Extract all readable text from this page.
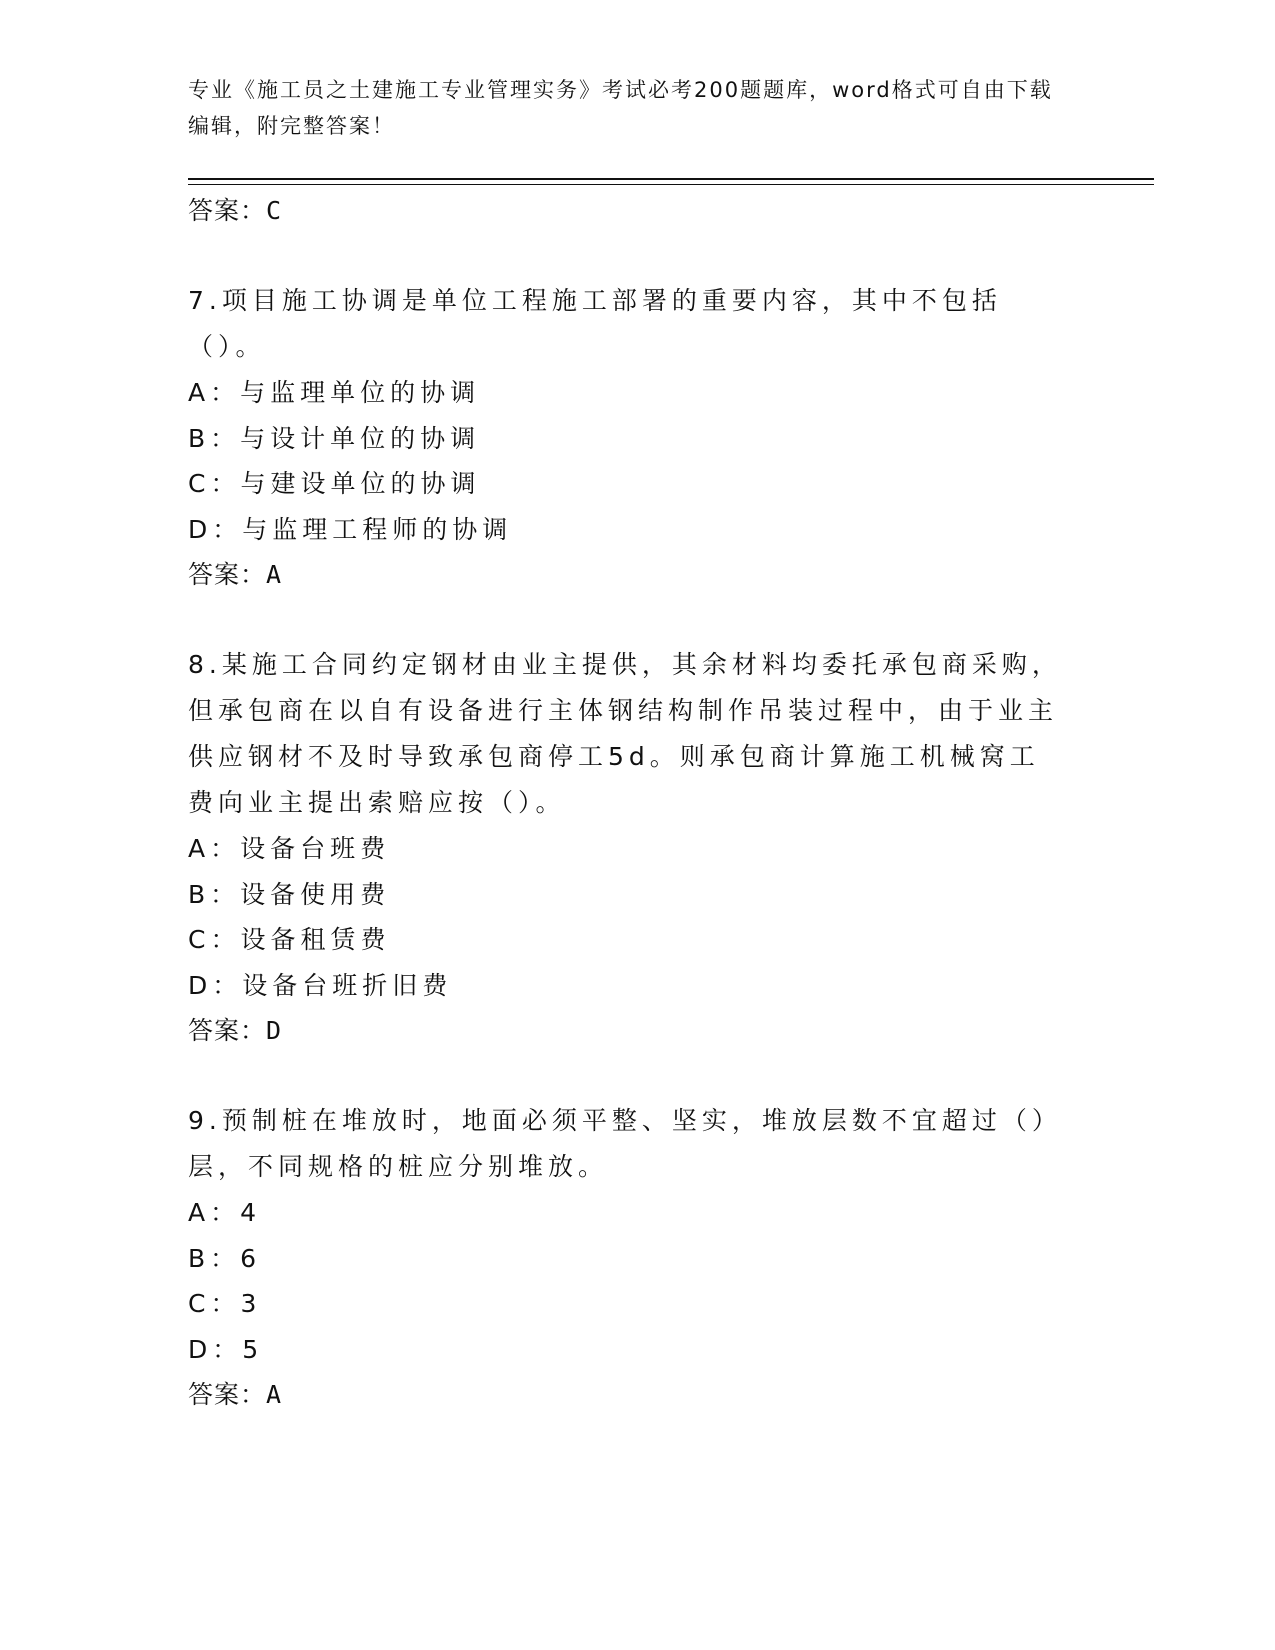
专业《施工员之土建施工专业管理实务》考试必考200题题库，word格式可自由下载编辑，附完整答案！

答案：C

7.项目施工协调是单位工程施工部署的重要内容，其中不包括（）。

A：与监理单位的协调

B：与设计单位的协调

C：与建设单位的协调

D：与监理工程师的协调

答案：A

8.某施工合同约定钢材由业主提供，其余材料均委托承包商采购，但承包商在以自有设备进行主体钢结构制作吊装过程中，由于业主供应钢材不及时导致承包商停工5d。则承包商计算施工机械窝工费向业主提出索赔应按（）。

A：设备台班费

B：设备使用费

C：设备租赁费

D：设备台班折旧费

答案：D

9.预制桩在堆放时，地面必须平整、坚实，堆放层数不宜超过（）层，不同规格的桩应分别堆放。

A：4

B：6

C：3

D：5

答案：A
